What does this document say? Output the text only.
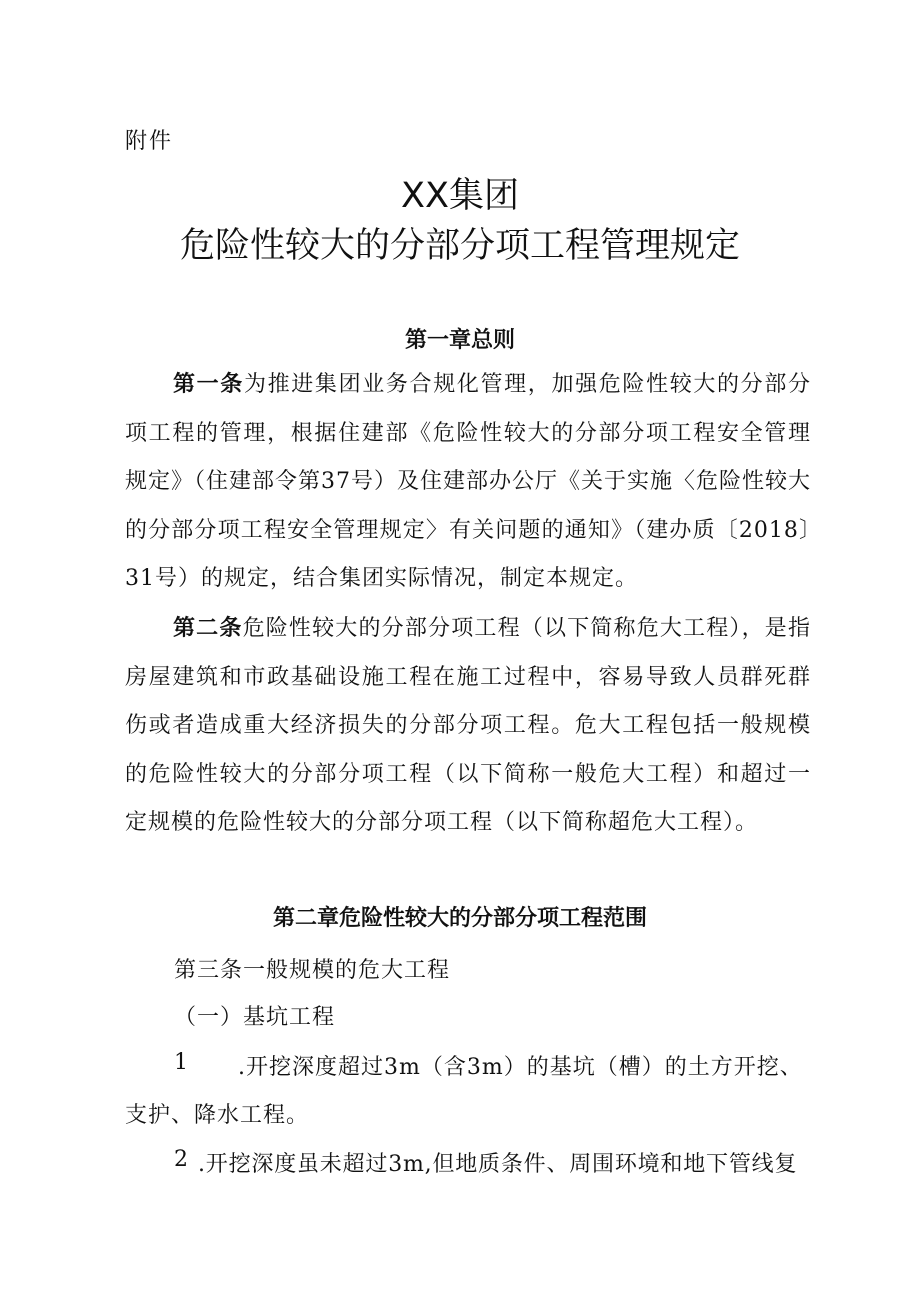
附件
XX集团
危险性较大的分部分项工程管理规定
第一章总则

第一条为推进集团业务合规化管理，加强危险性较大的分部分项工程的管理，根据住建部《危险性较大的分部分项工程安全管理规定》（住建部令第37号）及住建部办公厅《关于实施〈危险性较大的分部分项工程安全管理规定〉有关问题的通知》（建办质〔2018〕31号）的规定，结合集团实际情况，制定本规定。

第二条危险性较大的分部分项工程（以下简称危大工程），是指房屋建筑和市政基础设施工程在施工过程中，容易导致人员群死群伤或者造成重大经济损失的分部分项工程。危大工程包括一般规模的危险性较大的分部分项工程（以下简称一般危大工程）和超过一定规模的危险性较大的分部分项工程（以下简称超危大工程）。

第二章危险性较大的分部分项工程范围
第三条一般规模的危大工程
（一）基坑工程
1 .开挖深度超过3m（含3m）的基坑（槽）的土方开挖、
支护、降水工程。
2 .开挖深度虽未超过3m,但地质条件、周围环境和地下管线复
